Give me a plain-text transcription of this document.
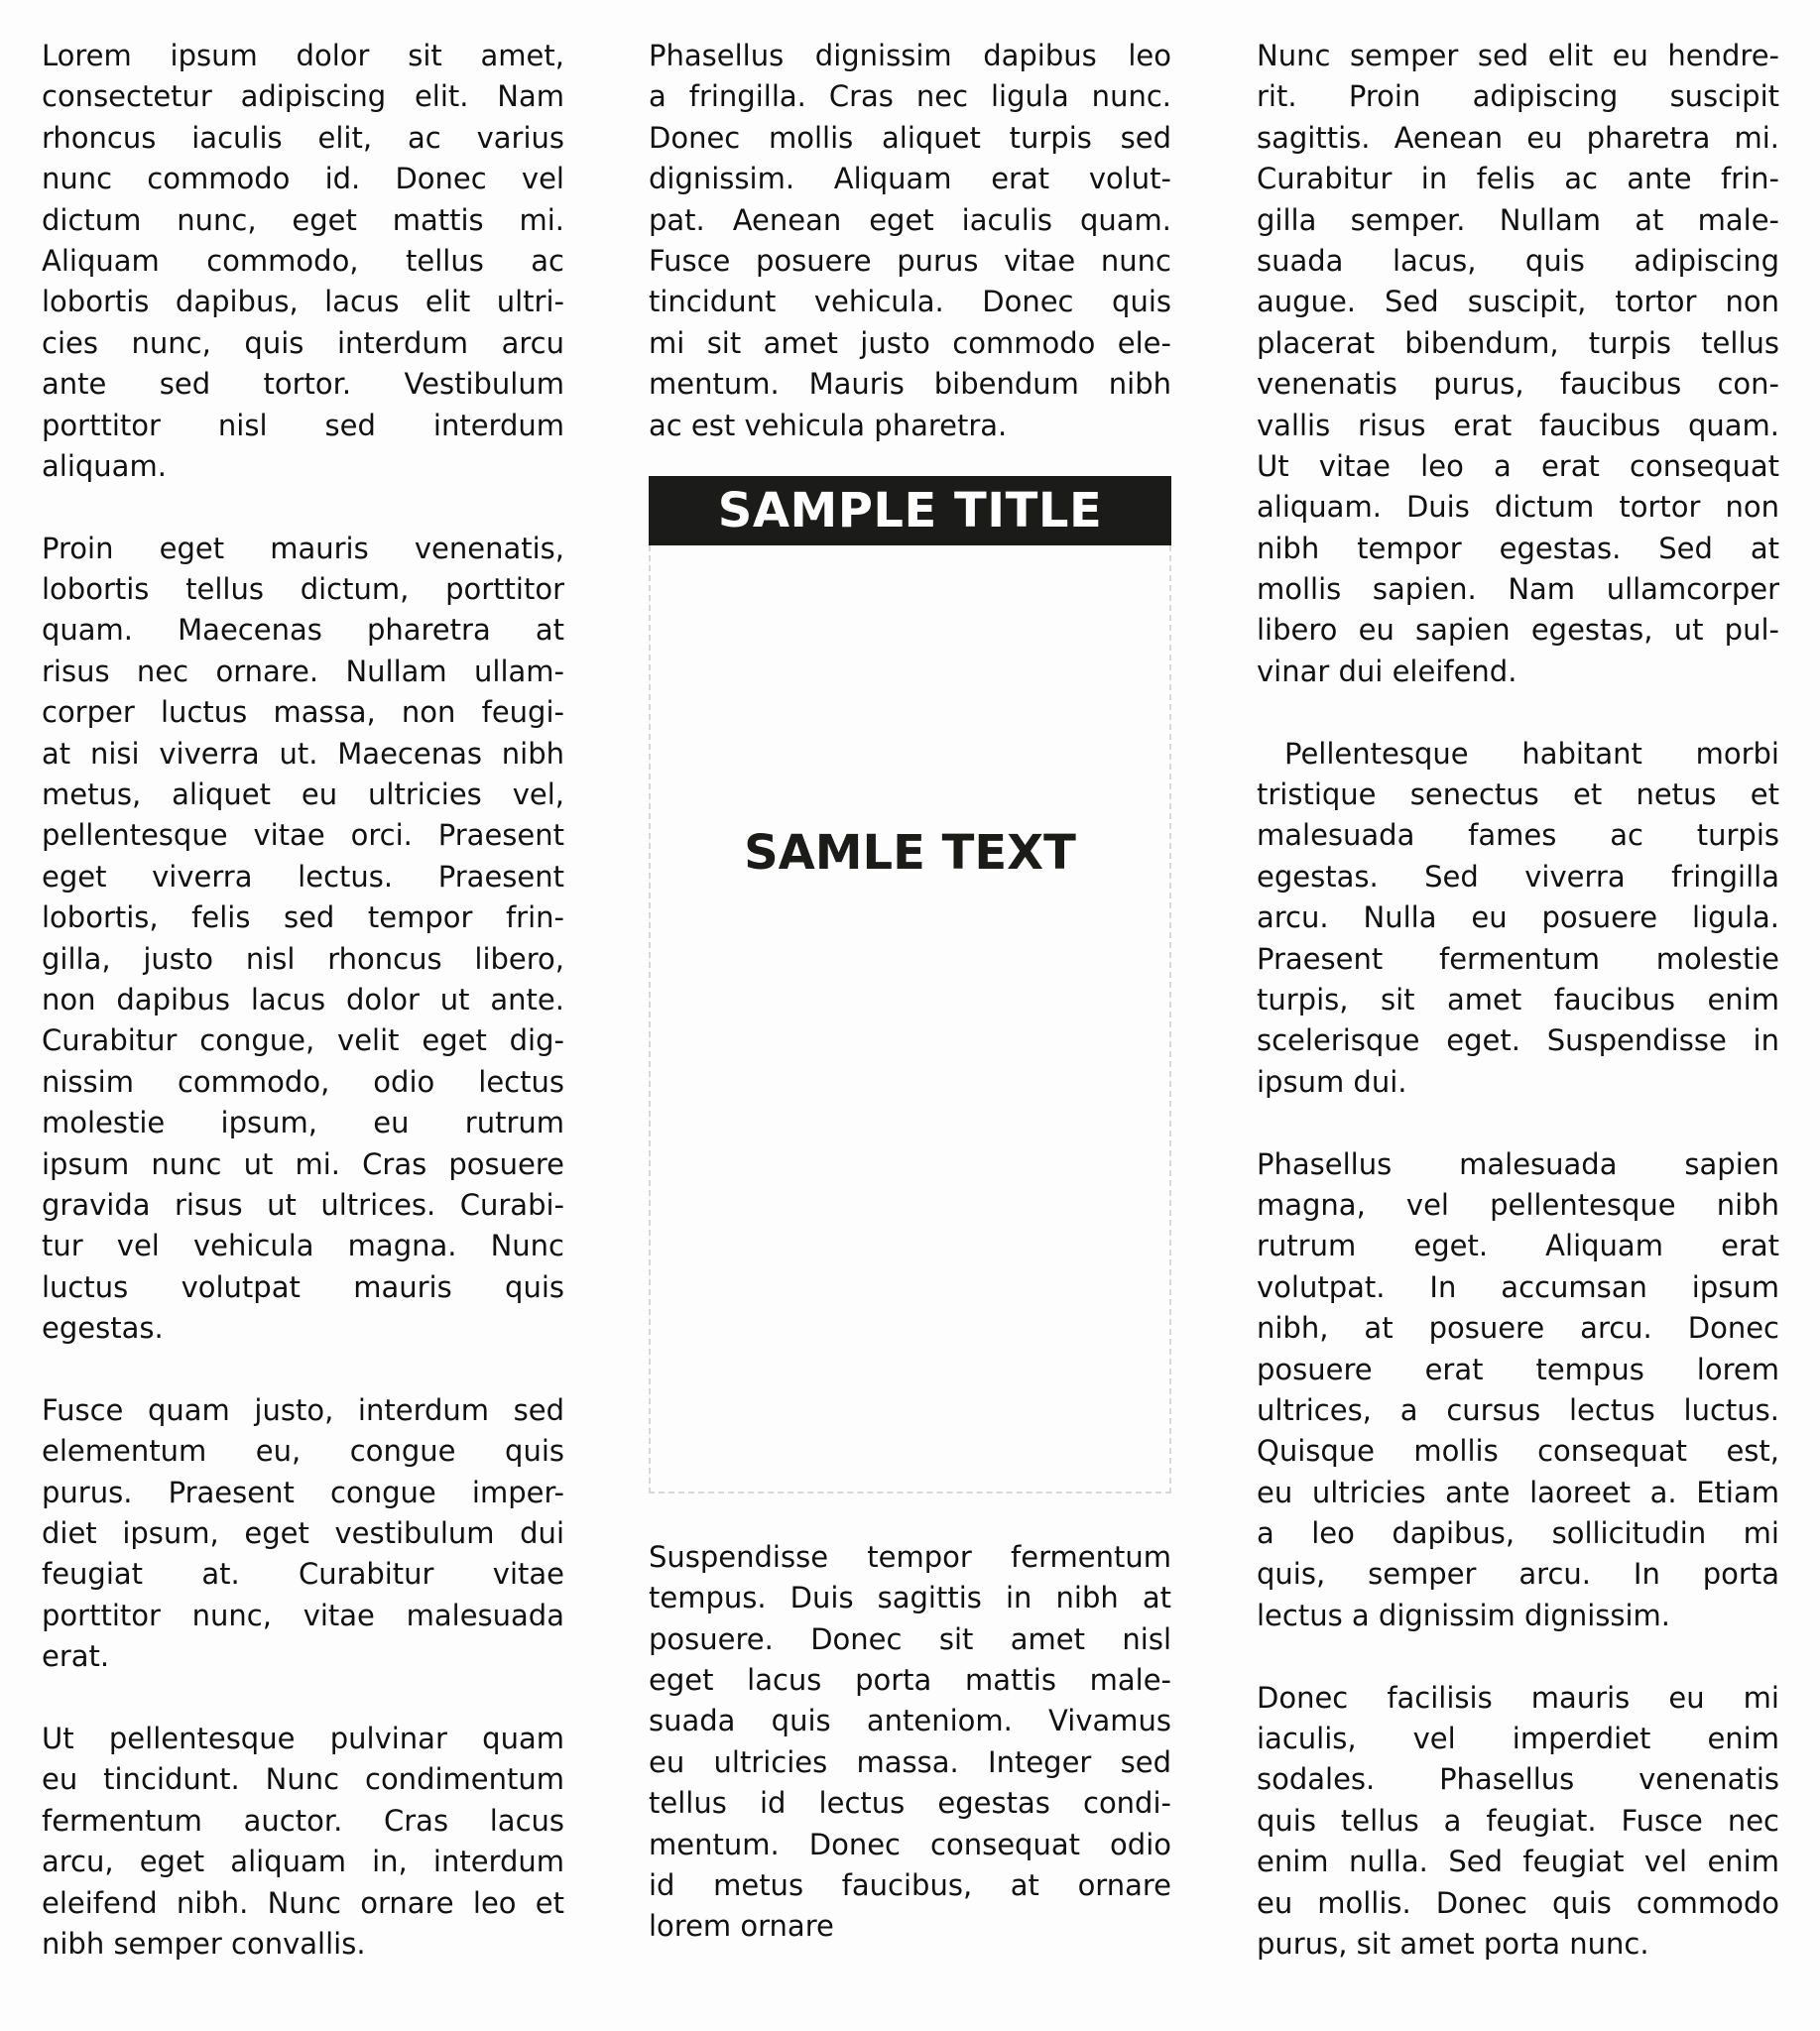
Lorem ipsum dolor sit amet,
consectetur adipiscing elit. Nam
rhoncus iaculis elit, ac varius
nunc commodo id. Donec vel
dictum nunc, eget mattis mi.
Aliquam commodo, tellus ac
lobortis dapibus, lacus elit ultri-
cies nunc, quis interdum arcu
ante sed tortor. Vestibulum
porttitor nisl sed interdum
aliquam.
Proin eget mauris venenatis,
lobortis tellus dictum, porttitor
quam. Maecenas pharetra at
risus nec ornare. Nullam ullam-
corper luctus massa, non feugi-
at nisi viverra ut. Maecenas nibh
metus, aliquet eu ultricies vel,
pellentesque vitae orci. Praesent
eget viverra lectus. Praesent
lobortis, felis sed tempor frin-
gilla, justo nisl rhoncus libero,
non dapibus lacus dolor ut ante.
Curabitur congue, velit eget dig-
nissim commodo, odio lectus
molestie ipsum, eu rutrum
ipsum nunc ut mi. Cras posuere
gravida risus ut ultrices. Curabi-
tur vel vehicula magna. Nunc
luctus volutpat mauris quis
egestas.
Fusce quam justo, interdum sed
elementum eu, congue quis
purus. Praesent congue imper-
diet ipsum, eget vestibulum dui
feugiat at. Curabitur vitae
porttitor nunc, vitae malesuada
erat.
Ut pellentesque pulvinar quam
eu tincidunt. Nunc condimentum
fermentum auctor. Cras lacus
arcu, eget aliquam in, interdum
eleifend nibh. Nunc ornare leo et
nibh semper convallis.
Phasellus dignissim dapibus leo
a fringilla. Cras nec ligula nunc.
Donec mollis aliquet turpis sed
dignissim. Aliquam erat volut-
pat. Aenean eget iaculis quam.
Fusce posuere purus vitae nunc
tincidunt vehicula. Donec quis
mi sit amet justo commodo ele-
mentum. Mauris bibendum nibh
ac est vehicula pharetra.
SAMPLE TITLE
SAMLE TEXT
Suspendisse tempor fermentum
tempus. Duis sagittis in nibh at
posuere. Donec sit amet nisl
eget lacus porta mattis male-
suada quis anteniom. Vivamus
eu ultricies massa. Integer sed
tellus id lectus egestas condi-
mentum. Donec consequat odio
id metus faucibus, at ornare
lorem ornare
Nunc semper sed elit eu hendre-
rit. Proin adipiscing suscipit
sagittis. Aenean eu pharetra mi.
Curabitur in felis ac ante frin-
gilla semper. Nullam at male-
suada lacus, quis adipiscing
augue. Sed suscipit, tortor non
placerat bibendum, turpis tellus
venenatis purus, faucibus con-
vallis risus erat faucibus quam.
Ut vitae leo a erat consequat
aliquam. Duis dictum tortor non
nibh tempor egestas. Sed at
mollis sapien. Nam ullamcorper
libero eu sapien egestas, ut pul-
vinar dui eleifend.
Pellentesque habitant morbi
tristique senectus et netus et
malesuada fames ac turpis
egestas. Sed viverra fringilla
arcu. Nulla eu posuere ligula.
Praesent fermentum molestie
turpis, sit amet faucibus enim
scelerisque eget. Suspendisse in
ipsum dui.
Phasellus malesuada sapien
magna, vel pellentesque nibh
rutrum eget. Aliquam erat
volutpat. In accumsan ipsum
nibh, at posuere arcu. Donec
posuere erat tempus lorem
ultrices, a cursus lectus luctus.
Quisque mollis consequat est,
eu ultricies ante laoreet a. Etiam
a leo dapibus, sollicitudin mi
quis, semper arcu. In porta
lectus a dignissim dignissim.
Donec facilisis mauris eu mi
iaculis, vel imperdiet enim
sodales. Phasellus venenatis
quis tellus a feugiat. Fusce nec
enim nulla. Sed feugiat vel enim
eu mollis. Donec quis commodo
purus, sit amet porta nunc.
